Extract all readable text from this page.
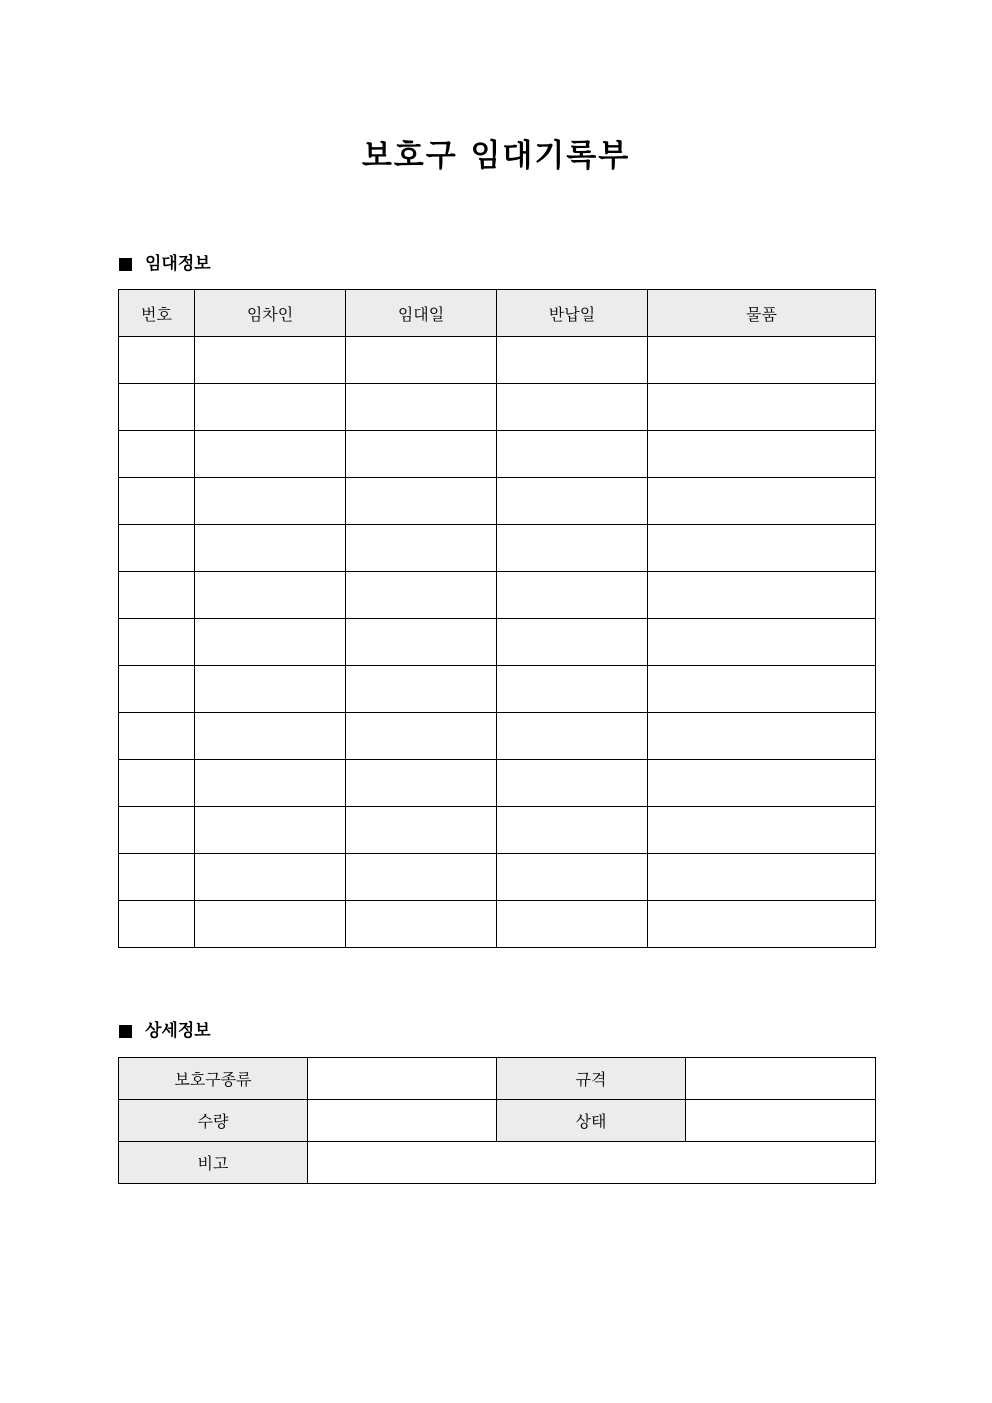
보호구 임대기록부
임대정보
번호	임차인	임대일	반납일	물품

상세정보
보호구종류		규격	
수량		상태	
비고			
